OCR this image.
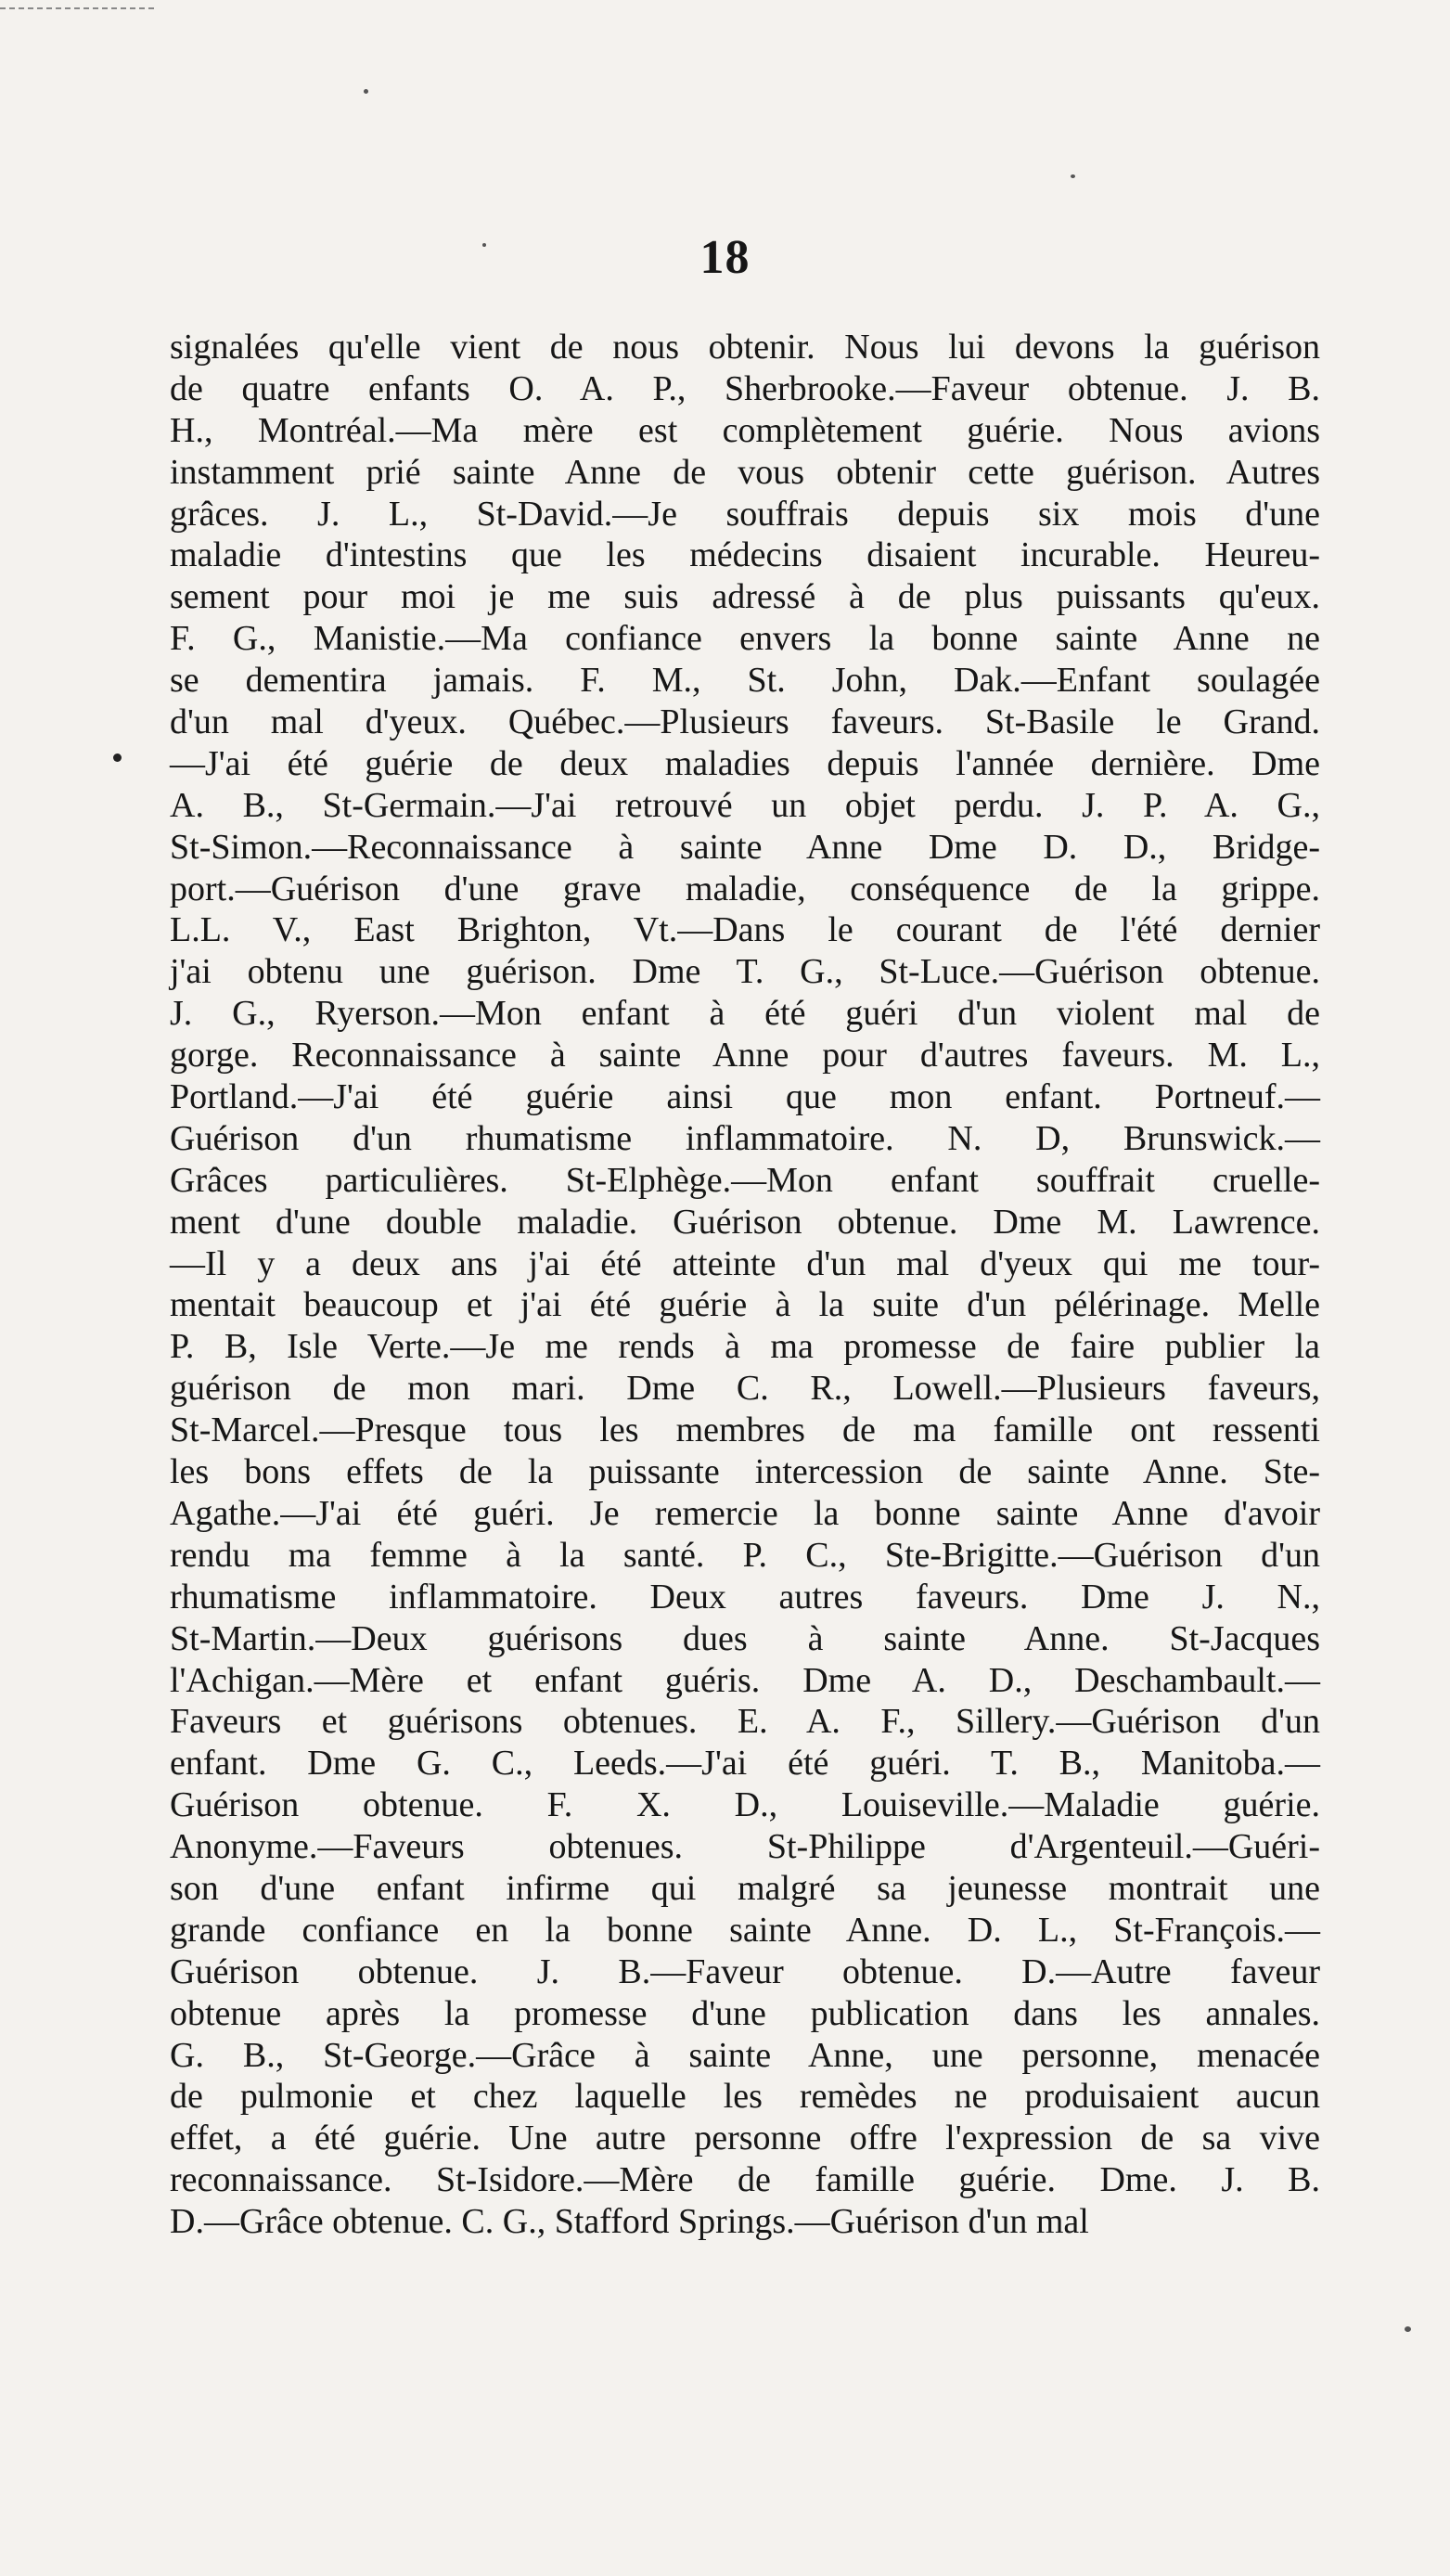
18
signalées qu'elle vient de nous obtenir. Nous lui devons la guérison
de quatre enfants O. A. P., Sherbrooke.—Faveur obtenue. J. B.
H., Montréal.—Ma mère est complètement guérie. Nous avions
instamment prié sainte Anne de vous obtenir cette guérison. Autres
grâces. J. L., St-David.—Je souffrais depuis six mois d'une
maladie d'intestins que les médecins disaient incurable. Heureu-
sement pour moi je me suis adressé à de plus puissants qu'eux.
F. G., Manistie.—Ma confiance envers la bonne sainte Anne ne
se dementira jamais. F. M., St. John, Dak.—Enfant soulagée
d'un mal d'yeux. Québec.—Plusieurs faveurs. St-Basile le Grand.
—J'ai été guérie de deux maladies depuis l'année dernière. Dme
A. B., St-Germain.—J'ai retrouvé un objet perdu. J. P. A. G.,
St-Simon.—Reconnaissance à sainte Anne Dme D. D., Bridge-
port.—Guérison d'une grave maladie, conséquence de la grippe.
L.L. V., East Brighton, Vt.—Dans le courant de l'été dernier
j'ai obtenu une guérison. Dme T. G., St-Luce.—Guérison obtenue.
J. G., Ryerson.—Mon enfant à été guéri d'un violent mal de
gorge. Reconnaissance à sainte Anne pour d'autres faveurs. M. L.,
Portland.—J'ai été guérie ainsi que mon enfant. Portneuf.—
Guérison d'un rhumatisme inflammatoire. N. D, Brunswick.—
Grâces particulières. St-Elphège.—Mon enfant souffrait cruelle-
ment d'une double maladie. Guérison obtenue. Dme M. Lawrence.
—Il y a deux ans j'ai été atteinte d'un mal d'yeux qui me tour-
mentait beaucoup et j'ai été guérie à la suite d'un pélérinage. Melle
P. B, Isle Verte.—Je me rends à ma promesse de faire publier la
guérison de mon mari. Dme C. R., Lowell.—Plusieurs faveurs,
St-Marcel.—Presque tous les membres de ma famille ont ressenti
les bons effets de la puissante intercession de sainte Anne. Ste-
Agathe.—J'ai été guéri. Je remercie la bonne sainte Anne d'avoir
rendu ma femme à la santé. P. C., Ste-Brigitte.—Guérison d'un
rhumatisme inflammatoire. Deux autres faveurs. Dme J. N.,
St-Martin.—Deux guérisons dues à sainte Anne. St-Jacques
l'Achigan.—Mère et enfant guéris. Dme A. D., Deschambault.—
Faveurs et guérisons obtenues. E. A. F., Sillery.—Guérison d'un
enfant. Dme G. C., Leeds.—J'ai été guéri. T. B., Manitoba.—
Guérison obtenue. F. X. D., Louiseville.—Maladie guérie.
Anonyme.—Faveurs obtenues. St-Philippe d'Argenteuil.—Guéri-
son d'une enfant infirme qui malgré sa jeunesse montrait une
grande confiance en la bonne sainte Anne. D. L., St-François.—
Guérison obtenue. J. B.—Faveur obtenue. D.—Autre faveur
obtenue après la promesse d'une publication dans les annales.
G. B., St-George.—Grâce à sainte Anne, une personne, menacée
de pulmonie et chez laquelle les remèdes ne produisaient aucun
effet, a été guérie. Une autre personne offre l'expression de sa vive
reconnaissance. St-Isidore.—Mère de famille guérie. Dme. J. B.
D.—Grâce obtenue. C. G., Stafford Springs.—Guérison d'un mal
